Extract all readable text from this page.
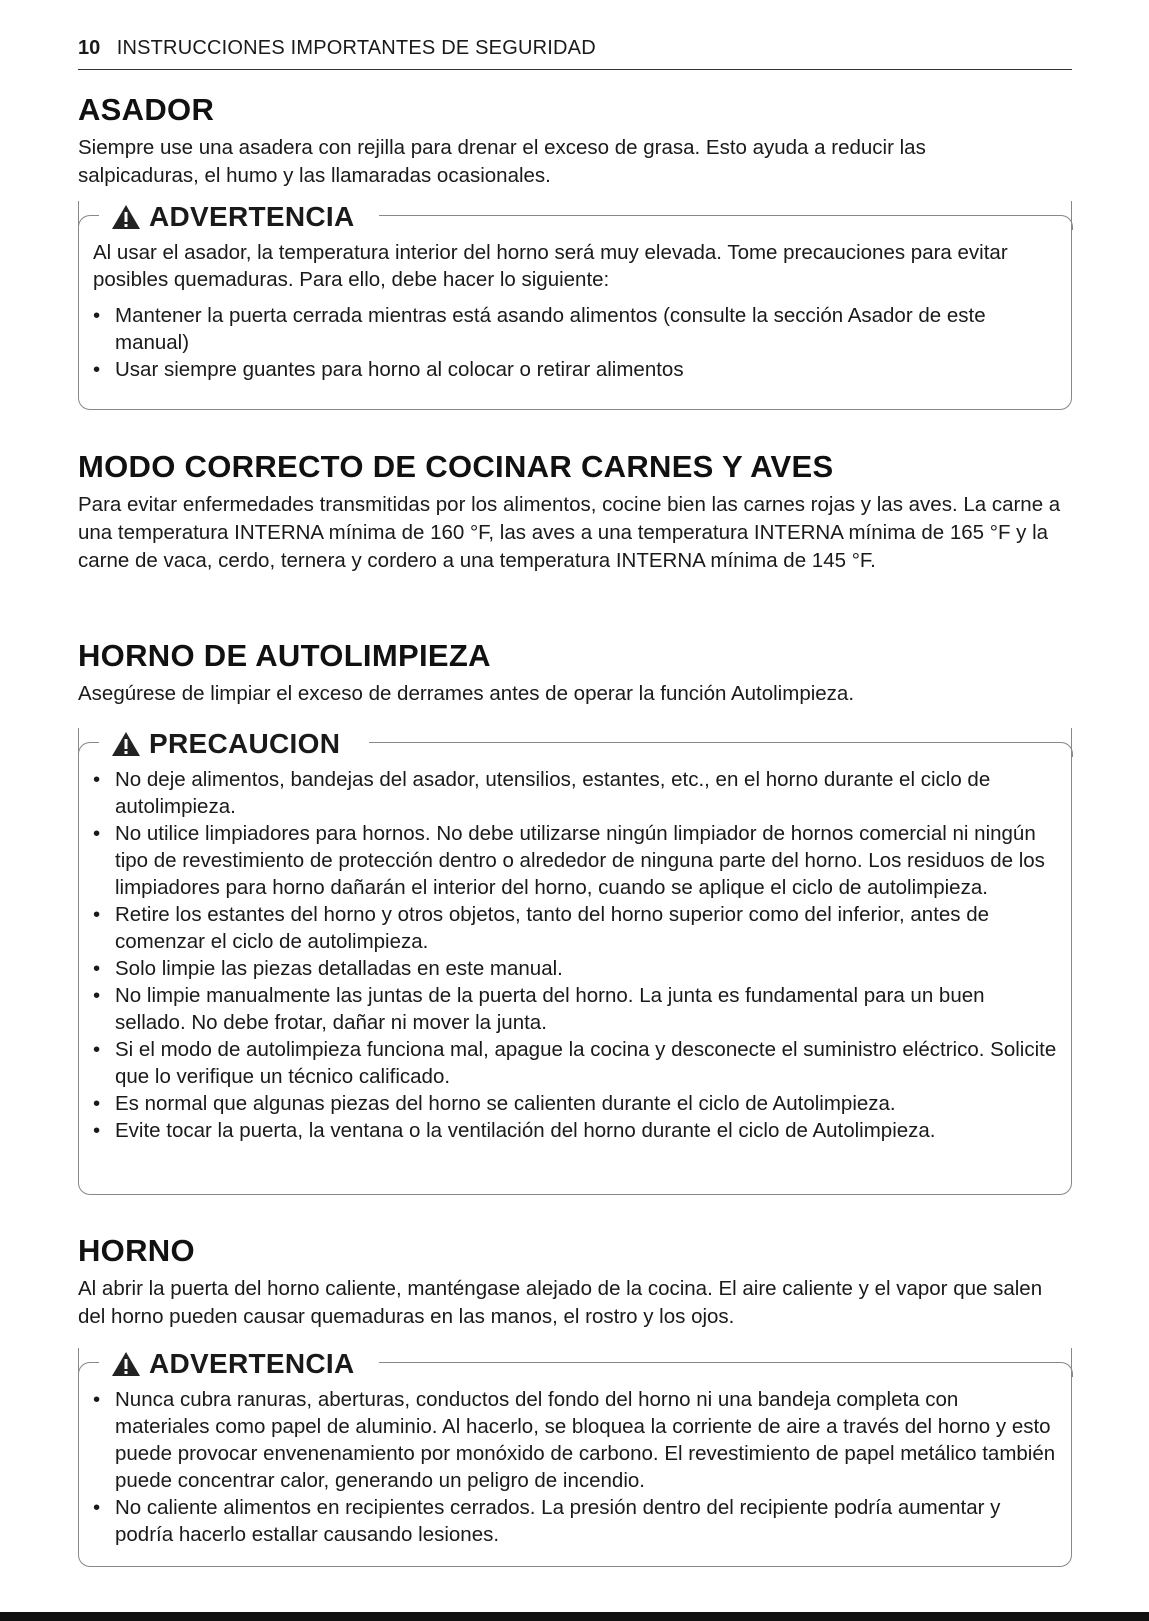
10 INSTRUCCIONES IMPORTANTES DE SEGURIDAD
ASADOR

Siempre use una asadera con rejilla para drenar el exceso de grasa. Esto ayuda a reducir las salpicaduras, el humo y las llamaradas ocasionales.

ADVERTENCIA

Al usar el asador, la temperatura interior del horno será muy elevada. Tome precauciones para evitar posibles quemaduras. Para ello, debe hacer lo siguiente:

• Mantener la puerta cerrada mientras está asando alimentos (consulte la sección Asador de este manual)
• Usar siempre guantes para horno al colocar o retirar alimentos
MODO CORRECTO DE COCINAR CARNES Y AVES

Para evitar enfermedades transmitidas por los alimentos, cocine bien las carnes rojas y las aves. La carne a una temperatura INTERNA mínima de 160 °F, las aves a una temperatura INTERNA mínima de 165 °F y la carne de vaca, cerdo, ternera y cordero a una temperatura INTERNA mínima de 145 °F.

HORNO DE AUTOLIMPIEZA

Asegúrese de limpiar el exceso de derrames antes de operar la función Autolimpieza.

PRECAUCION
• No deje alimentos, bandejas del asador, utensilios, estantes, etc., en el horno durante el ciclo de autolimpieza.
• No utilice limpiadores para hornos. No debe utilizarse ningún limpiador de hornos comercial ni ningún tipo de revestimiento de protección dentro o alrededor de ninguna parte del horno. Los residuos de los limpiadores para horno dañarán el interior del horno, cuando se aplique el ciclo de autolimpieza.
• Retire los estantes del horno y otros objetos, tanto del horno superior como del inferior, antes de comenzar el ciclo de autolimpieza.
• Solo limpie las piezas detalladas en este manual.
• No limpie manualmente las juntas de la puerta del horno. La junta es fundamental para un buen sellado. No debe frotar, dañar ni mover la junta.
• Si el modo de autolimpieza funciona mal, apague la cocina y desconecte el suministro eléctrico. Solicite que lo verifique un técnico calificado.
• Es normal que algunas piezas del horno se calienten durante el ciclo de Autolimpieza.
• Evite tocar la puerta, la ventana o la ventilación del horno durante el ciclo de Autolimpieza.
HORNO

Al abrir la puerta del horno caliente, manténgase alejado de la cocina. El aire caliente y el vapor que salen del horno pueden causar quemaduras en las manos, el rostro y los ojos.

ADVERTENCIA
• Nunca cubra ranuras, aberturas, conductos del fondo del horno ni una bandeja completa con materiales como papel de aluminio. Al hacerlo, se bloquea la corriente de aire a través del horno y esto puede provocar envenenamiento por monóxido de carbono. El revestimiento de papel metálico también puede concentrar calor, generando un peligro de incendio.
• No caliente alimentos en recipientes cerrados. La presión dentro del recipiente podría aumentar y podría hacerlo estallar causando lesiones.
